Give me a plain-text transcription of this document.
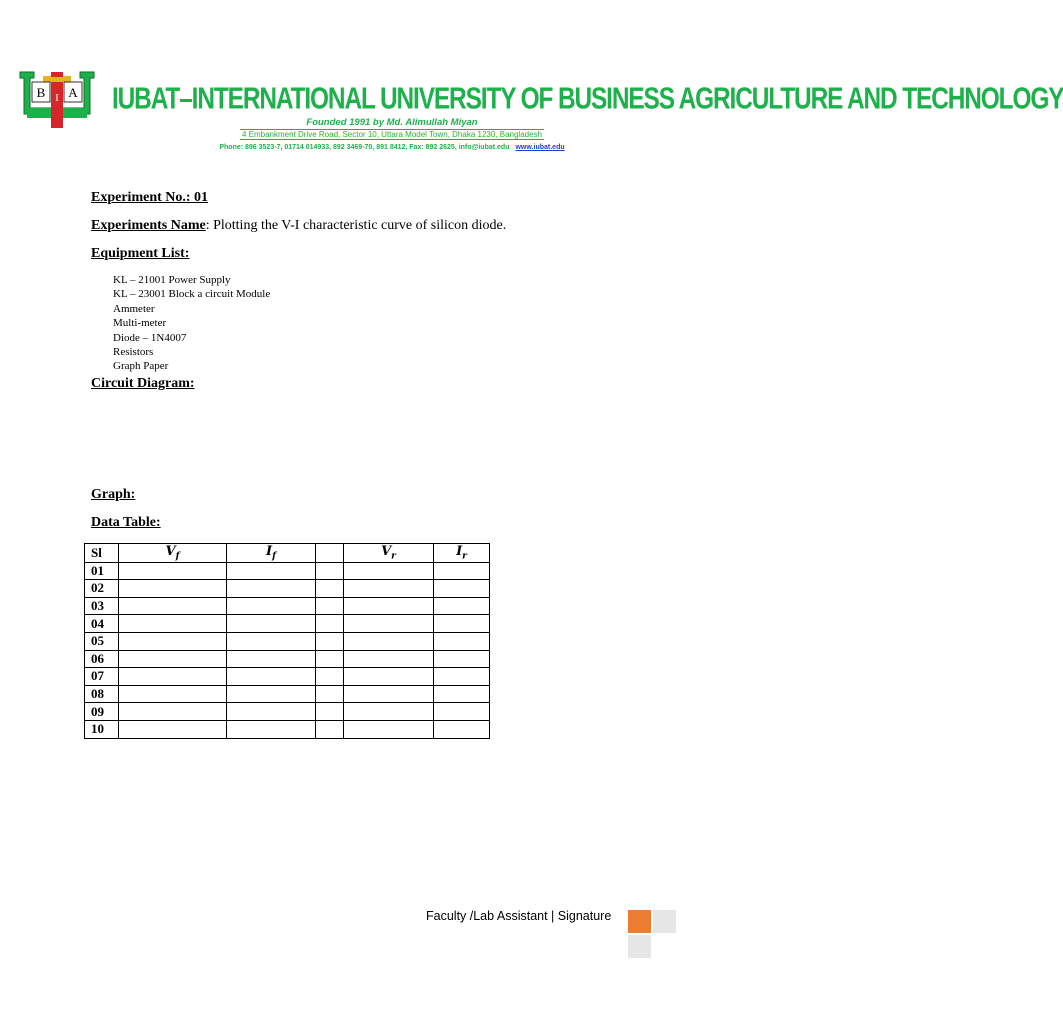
B I A IUBAT–INTERNATIONAL UNIVERSITY OF BUSINESS AGRICULTURE AND TECHNOLOGY
Founded 1991 by Md. Alimullah Miyan
4 Embankment Drive Road, Sector 10, Uttara Model Town, Dhaka 1230, Bangladesh
Phone: 896 3523-7, 01714 014933, 892 3469-70, 891 8412, Fax: 892 2625, info@iubat.edu www.iubat.edu
Experiment No.: 01
Experiments Name: Plotting the V-I characteristic curve of silicon diode.
Equipment List:
KL – 21001 Power Supply
KL – 23001 Block a circuit Module
Ammeter
Multi-meter
Diode – 1N4007
Resistors
Graph Paper
Circuit Diagram:
Graph:
Data Table:
Sl	$V_f$	$I_f$		$V_r$	$I_r$
01					
02					
03					
04					
05					
06					
07					
08					
09					
10					
Faculty /Lab Assistant | Signature
